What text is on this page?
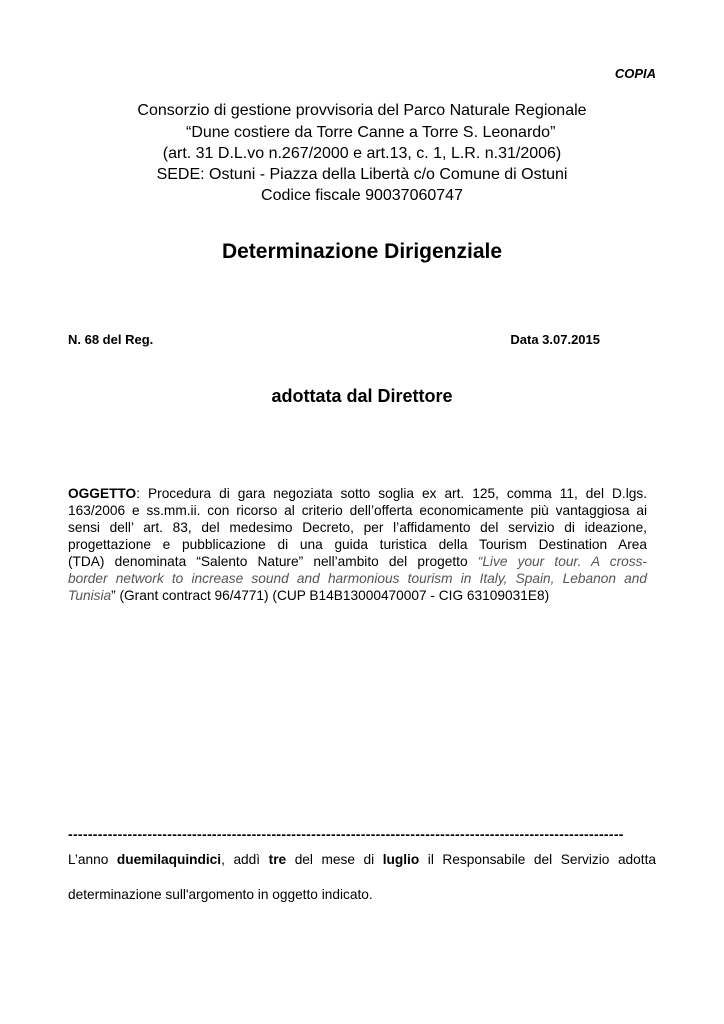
COPIA
Consorzio di gestione provvisoria del Parco Naturale Regionale
“Dune costiere da Torre Canne a Torre S. Leonardo”
(art. 31 D.L.vo n.267/2000 e art.13, c. 1, L.R. n.31/2006)
SEDE: Ostuni - Piazza della Libertà c/o Comune di Ostuni
Codice fiscale 90037060747
Determinazione Dirigenziale
N. 68 del Reg.	Data 3.07.2015
adottata dal Direttore
OGGETTO: Procedura di gara negoziata sotto soglia ex art. 125, comma 11, del D.lgs.
163/2006 e ss.mm.ii. con ricorso al criterio dell’offerta economicamente più vantaggiosa ai
sensi dell’ art. 83, del medesimo Decreto, per l’affidamento del servizio di ideazione,
progettazione e pubblicazione di una guida turistica della Tourism Destination Area
(TDA) denominata “Salento Nature” nell’ambito del progetto “Live your tour. A cross-
border network to increase sound and harmonious tourism in Italy, Spain, Lebanon and
Tunisia” (Grant contract 96/4771) (CUP B14B13000470007 - CIG 63109031E8)
----------------------------------------------------------------------------------------------------------------
L’anno duemilaquindici, addì tre del mese di luglio il Responsabile del Servizio adotta
determinazione sull'argomento in oggetto indicato.
